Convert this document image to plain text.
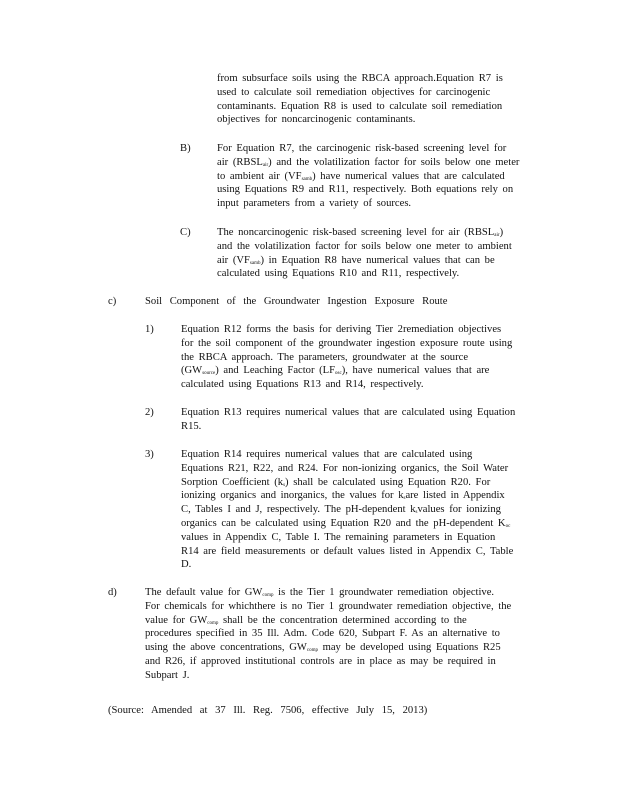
from subsurface soils using the RBCA approach.Equation R7 is
used to calculate soil remediation objectives for carcinogenic
contaminants. Equation R8 is used to calculate soil remediation
objectives for noncarcinogenic contaminants.
B) For Equation R7, the carcinogenic risk-based screening level for
air $(RBSL_{air})$ and the volatilization factor for soils below one meter
to ambient air $(VF_{samb})$ have numerical values that are calculated
using Equations R9 and R11, respectively. Both equations rely on
input parameters from a variety of sources.
C) The noncarcinogenic risk-based screening level for air $(RBSL_{air})$
and the volatilization factor for soils below one meter to ambient
air $(VF_{samb})$ in Equation R8 have numerical values that can be
calculated using Equations R10 and R11, respectively.
c)	Soil Component of the Groundwater Ingestion Exposure Route
1)	Equation R12 forms the basis for deriving Tier 2remediation objectives
for the soil component of the groundwater ingestion exposure route using
the RBCA approach. The parameters, groundwater at the source
$(GW_{source})$ and Leaching Factor $(LF_{osc})$, have numerical values that are
calculated using Equations R13 and R14, respectively.
2)	Equation R13 requires numerical values that are calculated using Equation
R15.
3)	Equation R14 requires numerical values that are calculated using
Equations R21, R22, and R24. For non-ionizing organics, the Soil Water
Sorption Coefficient $(k_s)$ shall be calculated using Equation R20. For
ionizing organics and inorganics, the values for $k_sare$ listed in Appendix
C, Tables I and J, respectively. The pH-dependent $k_svalues$ for ionizing
organics can be calculated using Equation R20 and the pH-dependent $K_{oc}$
values in Appendix C, Table I. The remaining parameters in Equation
R14 are field measurements or default values listed in Appendix C, Table
D.
d)	The default value for $GW_{comp}$ is the Tier 1 groundwater remediation objective.
For chemicals for whichthere is no Tier 1 groundwater remediation objective, the
value for $GW_{comp}$ shall be the concentration determined according to the
procedures specified in 35 Ill. Adm. Code 620, Subpart F. As an alternative to
using the above concentrations, $GW_{comp}$ may be developed using Equations R25
and R26, if approved institutional controls are in place as may be required in
Subpart J.
(Source: Amended at 37 Ill. Reg. 7506, effective July 15, 2013)
